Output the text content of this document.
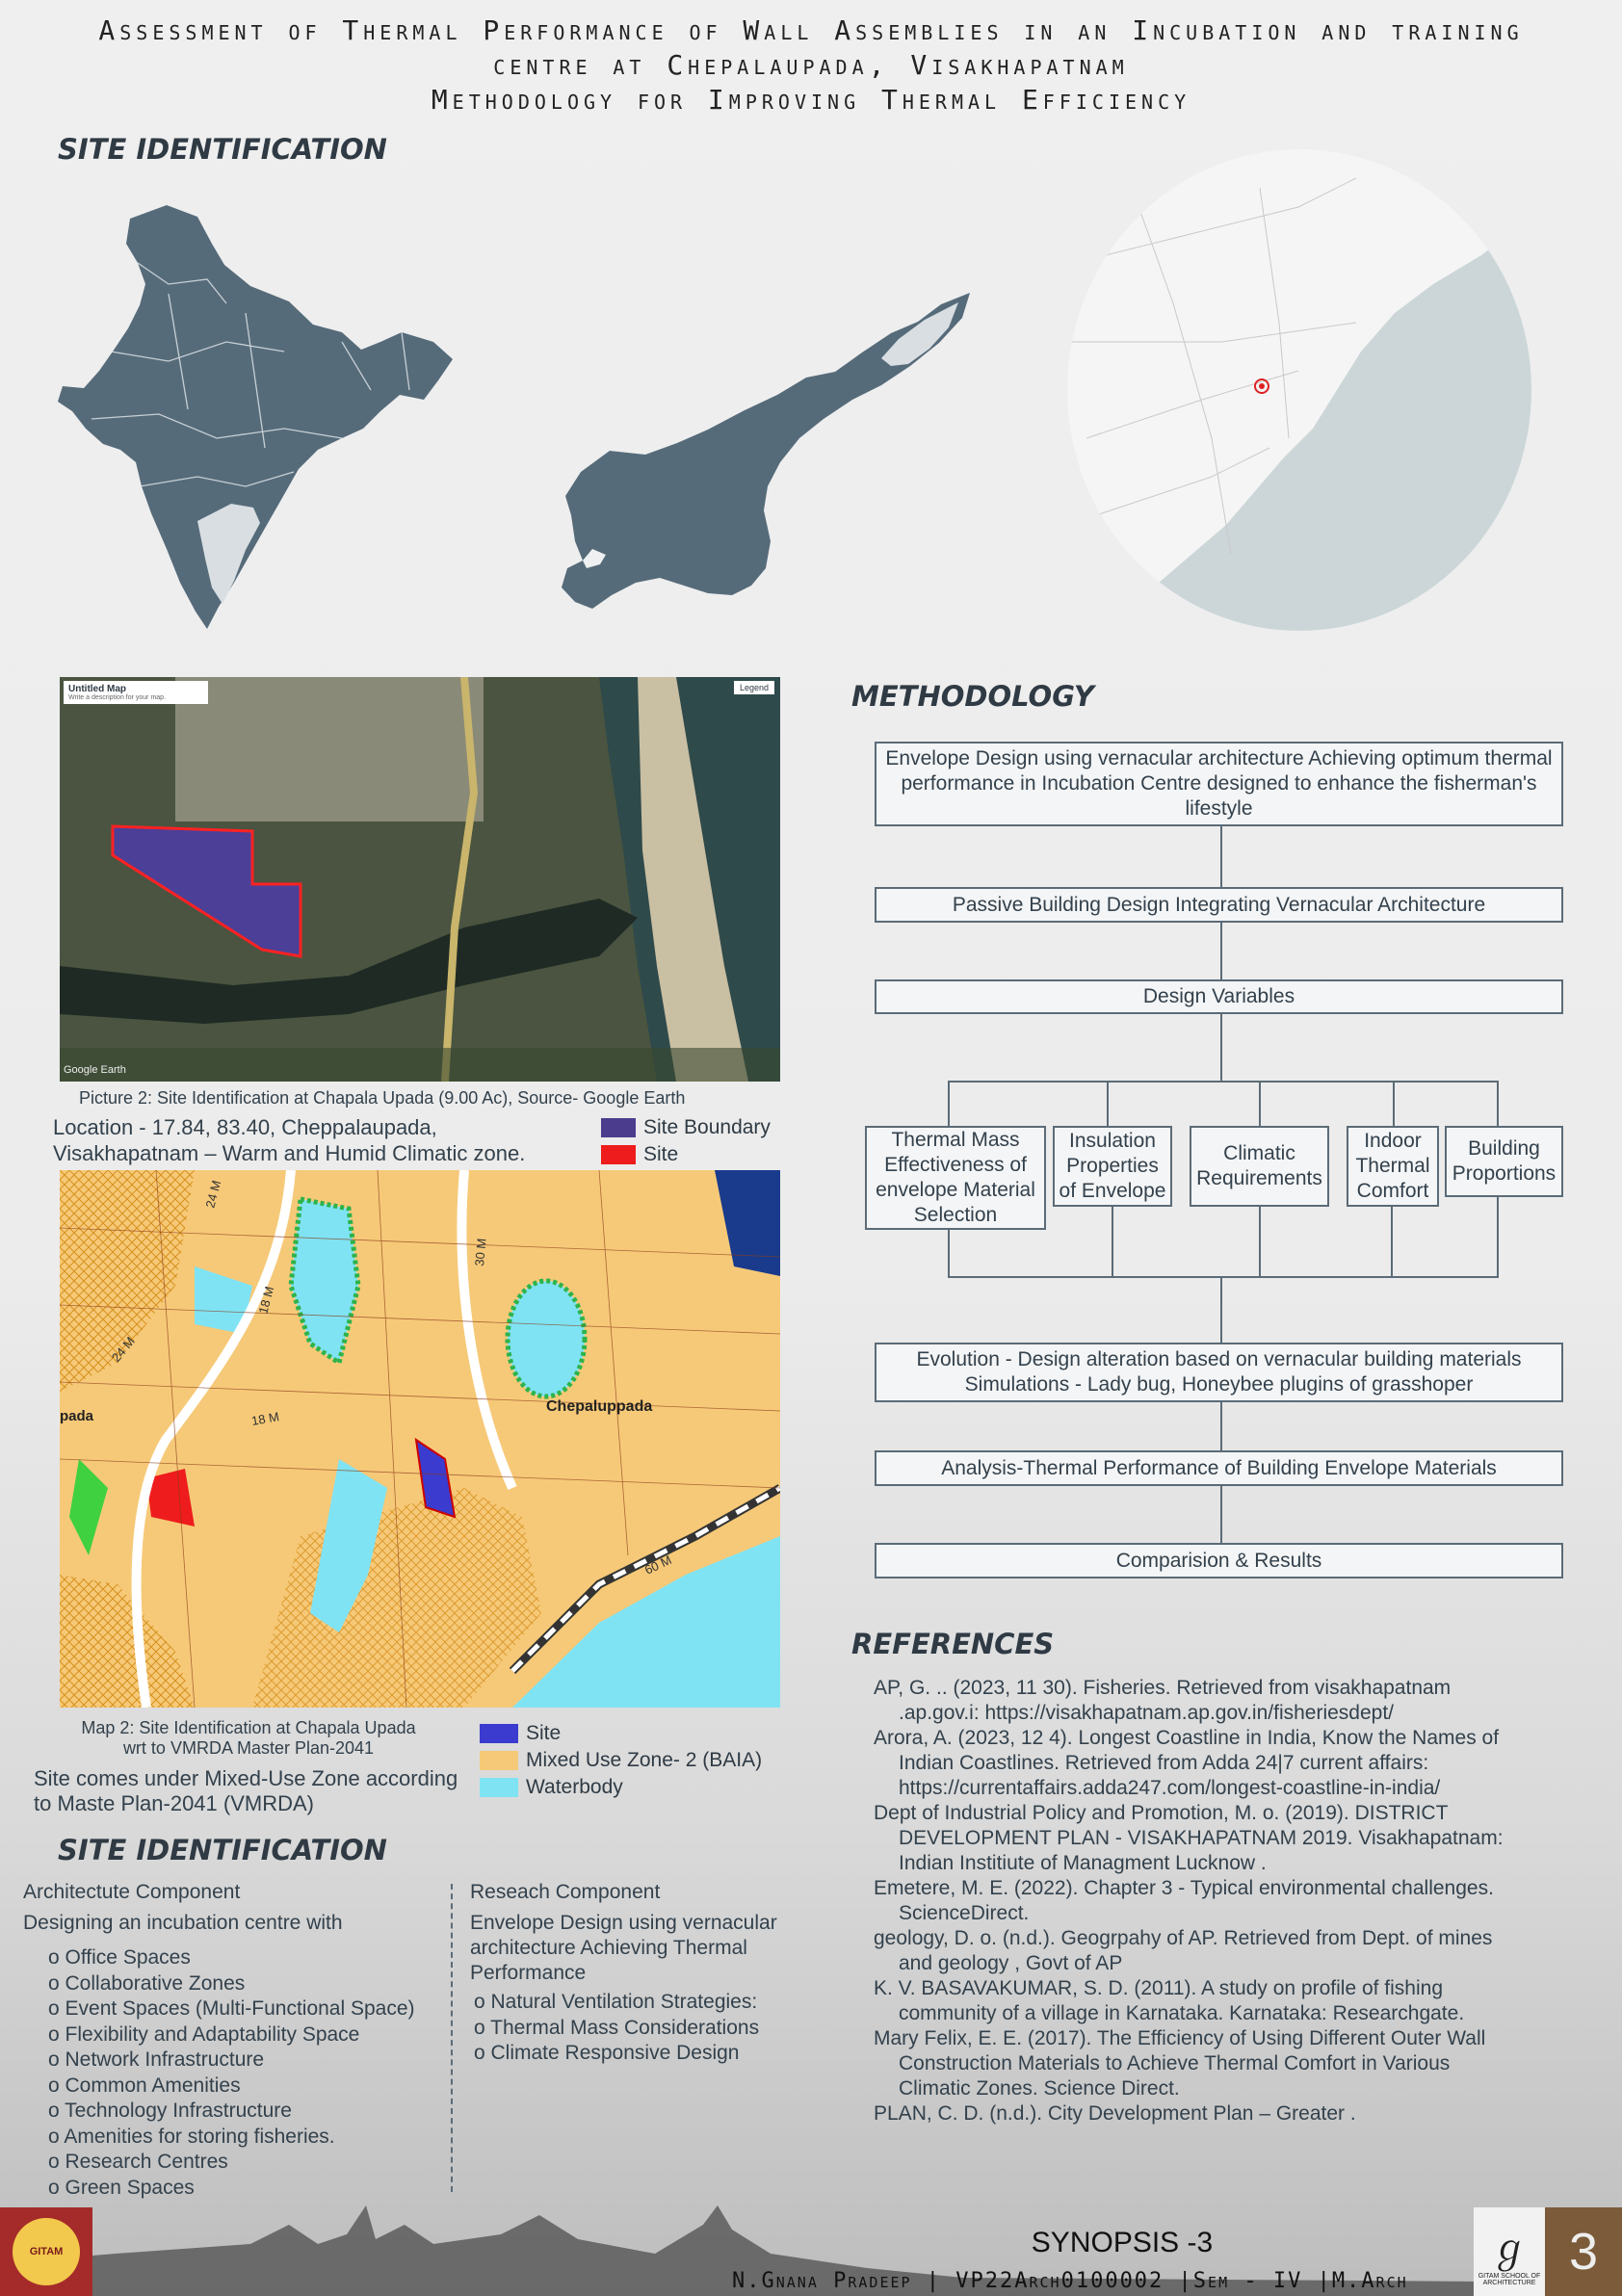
Assessment of Thermal Performance of Wall Assemblies in an Incubation and training
centre at Chepalaupada, Visakhapatnam
Methodology for Improving Thermal Efficiency
SITE IDENTIFICATION
Untitled Map
Write a description for your map.
Legend
Google Earth
Picture 2: Site Identification at Chapala Upada (9.00 Ac), Source- Google Earth
Location - 17.84, 83.40, Cheppalaupada, Visakhapatnam – Warm and Humid Climatic zone.
Site Boundary
Site
24 M
18 M
30 M
60 M
24 M
18 M
Chepaluppada
pada
Map 2: Site Identification at Chapala Upada
wrt to VMRDA Master Plan-2041
Site comes under Mixed-Use Zone according to Maste Plan-2041 (VMRDA)
Site
Mixed Use Zone- 2 (BAIA)
Waterbody
SITE IDENTIFICATION
Architectute Component
Designing an incubation centre with
o Office Spaces
o Collaborative Zones
o Event Spaces (Multi-Functional Space)
o Flexibility and Adaptability Space
o Network Infrastructure
o Common Amenities
o Technology Infrastructure
o Amenities for storing fisheries.
o Research Centres
o Green Spaces
Reseach Component
Envelope Design using vernacular architecture Achieving Thermal Performance
o Natural Ventilation Strategies:
o Thermal Mass Considerations
o Climate Responsive Design
METHODOLOGY
Envelope Design using vernacular architecture Achieving optimum thermal performance in Incubation Centre designed to enhance the fisherman's lifestyle
Passive Building Design Integrating Vernacular Architecture
Design Variables
Thermal Mass Effectiveness of envelope Material Selection
Insulation Properties of Envelope
Climatic Requirements
Indoor Thermal Comfort
Building Proportions
Evolution - Design alteration based on vernacular building materials
Simulations - Lady bug, Honeybee plugins of grasshoper
Analysis-Thermal Performance of Building Envelope Materials
Comparision & Results
REFERENCES

AP, G. .. (2023, 11 30). Fisheries. Retrieved from visakhapatnam .ap.gov.i: https://visakhapatnam.ap.gov.in/fisheriesdept/

Arora, A. (2023, 12 4). Longest Coastline in India, Know the Names of Indian Coastlines. Retrieved from Adda 24|7 current affairs: https://currentaffairs.adda247.com/longest-coastline-in-india/

Dept of Industrial Policy and Promotion, M. o. (2019). DISTRICT DEVELOPMENT PLAN - VISAKHAPATNAM 2019. Visakhapatnam: Indian Institiute of Managment Lucknow .

Emetere, M. E. (2022). Chapter 3 - Typical environmental challenges. ScienceDirect.

geology, D. o. (n.d.). Geogrpahy of AP. Retrieved from Dept. of mines and geology , Govt of AP

K. V. BASAVAKUMAR, S. D. (2011). A study on profile of fishing community of a village in Karnataka. Karnataka: Researchgate.

Mary Felix, E. E. (2017). The Efficiency of Using Different Outer Wall Construction Materials to Achieve Thermal Comfort in Various Climatic Zones. Science Direct.

PLAN, C. D. (n.d.). City Development Plan – Greater .

GITAM	SYNOPSIS -3
N.Gnana Pradeep | VP22Arch0100002 |Sem - IV |M.Arch
ℊ
GITAM SCHOOL OF ARCHITECTURE
3
